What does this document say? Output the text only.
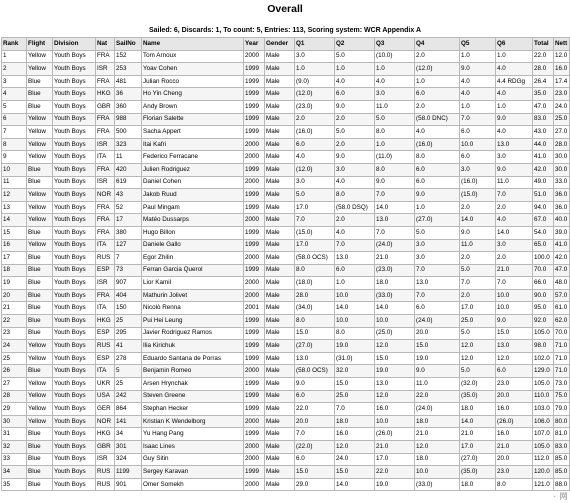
Overall
Sailed: 6, Discards: 1, To count: 5, Entries: 113, Scoring system: WCR Appendix A
Rank	Flight	Division	Nat	SailNo	Name	Year	Gender	Q1	Q2	Q3	Q4	Q5	Q6	Total	Nett
1	Yellow	Youth Boys	FRA	152	Tom Arnoux	2000	Male	3.0	5.0	(10.0)	2.0	1.0	1.0	22.0	12.0
2	Yellow	Youth Boys	ISR	253	Yoav Cohen	1999	Male	1.0	1.0	1.0	(12.0)	9.0	4.0	28.0	16.0
3	Blue	Youth Boys	FRA	481	Julian Rocco	1999	Male	(9.0)	4.0	4.0	1.0	4.0	4.4 RDGg	26.4	17.4
4	Blue	Youth Boys	HKG	36	Ho Yin Cheng	1999	Male	(12.0)	6.0	3.0	6.0	4.0	4.0	35.0	23.0
5	Blue	Youth Boys	GBR	360	Andy Brown	1999	Male	(23.0)	9.0	11.0	2.0	1.0	1.0	47.0	24.0
6	Yellow	Youth Boys	FRA	988	Florian Salette	1999	Male	2.0	2.0	5.0	(58.0 DNC)	7.0	9.0	83.0	25.0
7	Yellow	Youth Boys	FRA	500	Sacha Appert	1999	Male	(16.0)	5.0	8.0	4.0	6.0	4.0	43.0	27.0
8	Yellow	Youth Boys	ISR	323	Itai Kafri	2000	Male	6.0	2.0	1.0	(16.0)	10.0	13.0	44.0	28.0
9	Yellow	Youth Boys	ITA	11	Federico Ferracane	2000	Male	4.0	9.0	(11.0)	8.0	6.0	3.0	41.0	30.0
10	Blue	Youth Boys	FRA	420	Julien Rodriguez	1999	Male	(12.0)	3.0	8.0	6.0	3.0	9.0	42.0	30.0
11	Blue	Youth Boys	ISR	619	Daniel Cohen	2000	Male	3.0	4.0	9.0	6.0	(16.0)	11.0	49.0	33.0
12	Yellow	Youth Boys	NOR	43	Jakob Ruud	1999	Male	5.0	8.0	7.0	9.0	(15.0)	7.0	51.0	36.0
13	Yellow	Youth Boys	FRA	52	Paul Mingam	1999	Male	17.0	(58.0 DSQ)	14.0	1.0	2.0	2.0	94.0	36.0
14	Yellow	Youth Boys	FRA	17	Matéo Dussarps	2000	Male	7.0	2.0	13.0	(27.0)	14.0	4.0	67.0	40.0
15	Blue	Youth Boys	FRA	380	Hugo Billon	1999	Male	(15.0)	4.0	7.0	5.0	9.0	14.0	54.0	39.0
16	Yellow	Youth Boys	ITA	127	Daniele Gallo	1999	Male	17.0	7.0	(24.0)	3.0	11.0	3.0	65.0	41.0
17	Blue	Youth Boys	RUS	7	Egor Zhilin	2000	Male	(58.0 OCS)	13.0	21.0	3.0	2.0	2.0	100.0	42.0
18	Blue	Youth Boys	ESP	73	Ferran Garcia Querol	1999	Male	8.0	6.0	(23.0)	7.0	5.0	21.0	70.0	47.0
19	Blue	Youth Boys	ISR	907	Lior Kamil	2000	Male	(18.0)	1.0	18.0	13.0	7.0	7.0	66.0	48.0
20	Blue	Youth Boys	FRA	404	Mathurin Jolivet	2000	Male	28.0	10.0	(33.0)	7.0	2.0	10.0	90.0	57.0
21	Blue	Youth Boys	ITA	150	Nicolò Renna	2001	Male	(34.0)	14.0	14.0	6.0	17.0	10.0	95.0	61.0
22	Blue	Youth Boys	HKG	25	Pui Hei Leung	1999	Male	8.0	10.0	10.0	(24.0)	25.0	9.0	92.0	62.0
23	Blue	Youth Boys	ESP	295	Javier Rodriguez Ramos	1999	Male	15.0	8.0	(25.0)	20.0	5.0	15.0	105.0	70.0
24	Yellow	Youth Boys	RUS	41	Ilia Kirichuk	1999	Male	(27.0)	19.0	12.0	15.0	12.0	13.0	98.0	71.0
25	Yellow	Youth Boys	ESP	278	Eduardo Santana de Porras	1999	Male	13.0	(31.0)	15.0	19.0	12.0	12.0	102.0	71.0
26	Blue	Youth Boys	ITA	5	Benjamin Romeo	2000	Male	(58.0 OCS)	32.0	19.0	9.0	5.0	6.0	129.0	71.0
27	Yellow	Youth Boys	UKR	25	Arsen Hrynchak	1999	Male	9.0	15.0	13.0	11.0	(32.0)	23.0	105.0	73.0
28	Yellow	Youth Boys	USA	242	Steven Greene	1999	Male	6.0	25.0	12.0	22.0	(35.0)	20.0	110.0	75.0
29	Yellow	Youth Boys	GER	864	Stephan Hecker	1999	Male	22.0	7.0	16.0	(24.0)	18.0	16.0	103.0	79.0
30	Yellow	Youth Boys	NOR	141	Kristian K Wendelborg	2000	Male	20.0	18.0	10.0	18.0	14.0	(26.0)	106.0	80.0
31	Blue	Youth Boys	HKG	34	Yu Hang Pang	1999	Male	7.0	16.0	(26.0)	21.0	21.0	16.0	107.0	81.0
32	Blue	Youth Boys	GBR	301	Isaac Lines	2000	Male	(22.0)	12.0	21.0	12.0	17.0	21.0	105.0	83.0
33	Blue	Youth Boys	ISR	324	Guy Sitin	2000	Male	6.0	24.0	17.0	18.0	(27.0)	20.0	112.0	85.0
34	Blue	Youth Boys	RUS	1199	Sergey Karavan	1999	Male	15.0	15.0	22.0	10.0	(35.0)	23.0	120.0	85.0
35	Blue	Youth Boys	RUS	901	Omer Somekh	2000	Male	29.0	14.0	19.0	(33.0)	18.0	8.0	121.0	88.0
· 网
